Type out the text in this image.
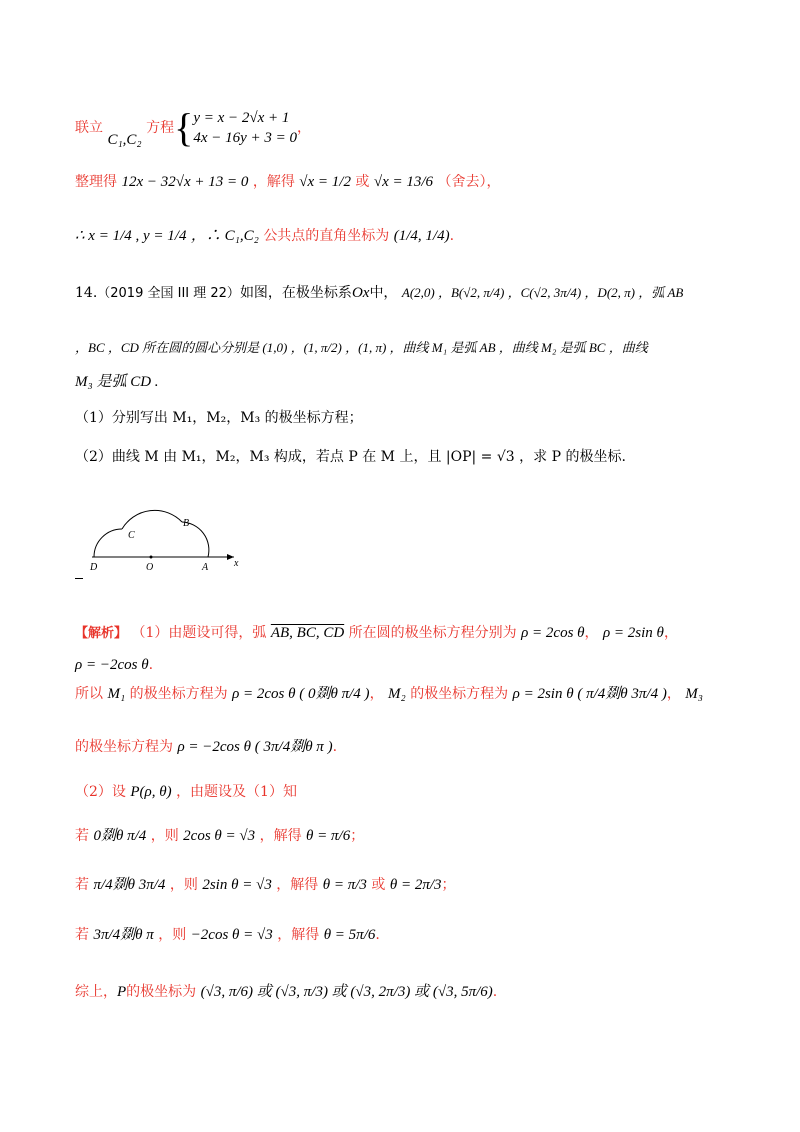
联立 C₁,C₂ 方程{ y = x − 2√x + 1
4x − 16y + 3 = 0
，
整理得 12x − 32√x + 13 = 0 ，解得 √x = 1/2 或 √x = 13/6 （舍去），
∴ x = 1/4 , y = 1/4 ，∴ C₁,C₂ 公共点的直角坐标为 (1/4, 1/4).
14.（2019 全国 III 理 22）如图，在极坐标系Ox中， A(2,0) ，B(√2, π/4) ，C(√2, 3π/4) ，D(2, π) ，弧 AB
，BC ，CD 所在圆的圆心分别是 (1,0) ，(1, π/2) ，(1, π) ，曲线 M₁ 是弧 AB ，曲线 M₂ 是弧 BC ，曲线
M₃ 是弧 CD .
（1）分别写出 M₁，M₂，M₃ 的极坐标方程；
（2）曲线 M 由 M₁，M₂，M₃ 构成，若点 P 在 M 上，且 |OP| = √3 ，求 P 的极坐标.
D	O	A	x
B
C
【解析】 （1）由题设可得，弧 AB, BC, CD 所在圆的极坐标方程分别为 ρ = 2cos θ， ρ = 2sin θ，
ρ = −2cos θ.
所以 M₁ 的极坐标方程为 ρ = 2cos θ ( 0剟θ π/4 )， M₂ 的极坐标方程为 ρ = 2sin θ ( π/4剟θ 3π/4 )， M₃
的极坐标方程为 ρ = −2cos θ ( 3π/4剟θ π ).
（2）设 P(ρ, θ) ，由题设及（1）知
若 0剟θ π/4 ，则 2cos θ = √3 ，解得 θ = π/6；
若 π/4剟θ 3π/4 ，则 2sin θ = √3 ，解得 θ = π/3 或 θ = 2π/3；
若 3π/4剟θ π ，则 −2cos θ = √3 ，解得 θ = 5π/6.
综上，P的极坐标为 (√3, π/6) 或 (√3, π/3) 或 (√3, 2π/3) 或 (√3, 5π/6).
